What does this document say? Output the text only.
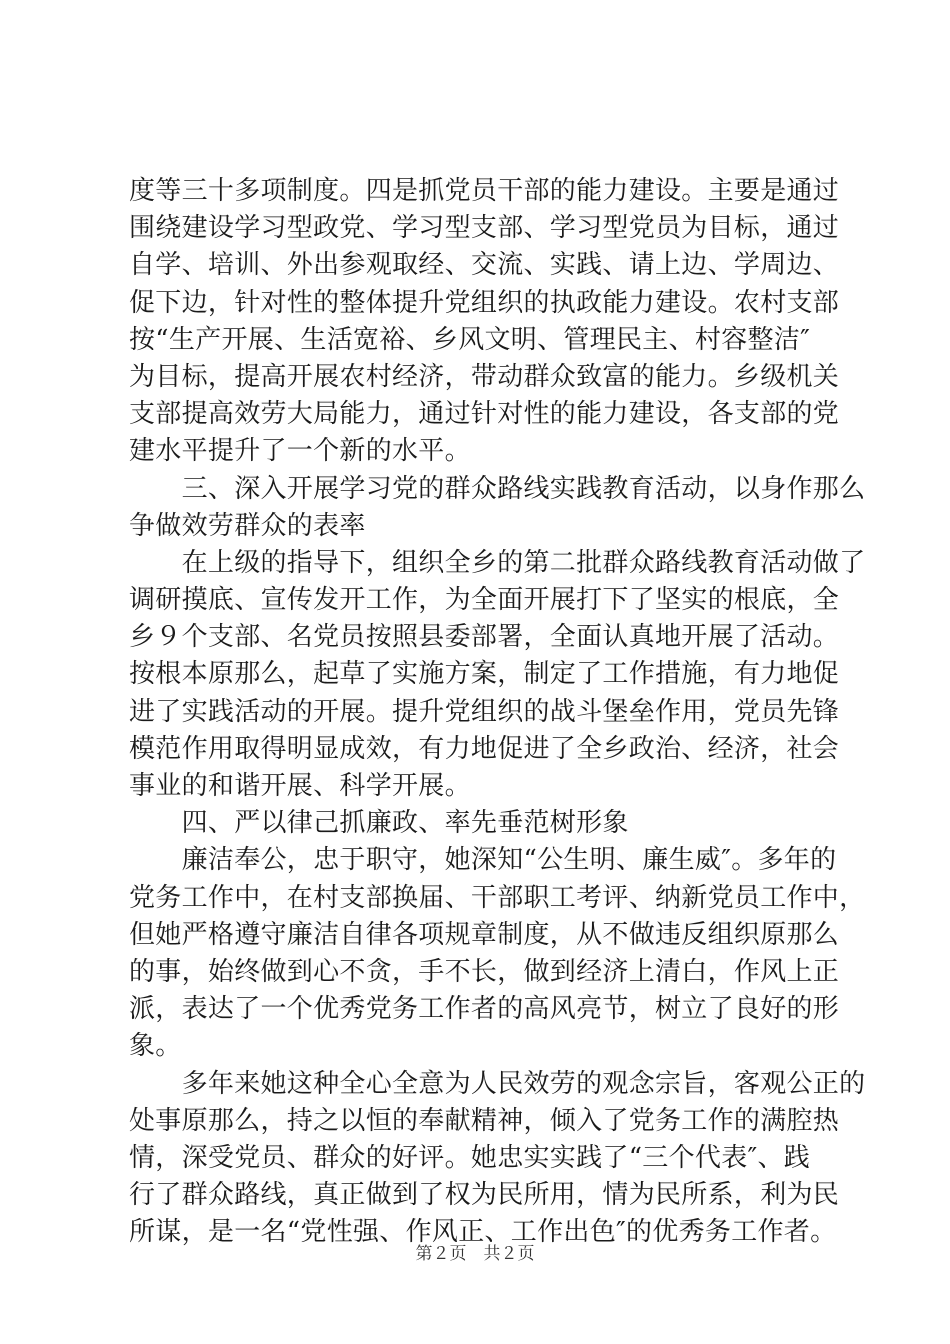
度等三十多项制度。四是抓党员干部的能力建设。主要是通过
围绕建设学习型政党、学习型支部、学习型党员为目标，通过
自学、培训、外出参观取经、交流、实践、请上边、学周边、
促下边，针对性的整体提升党组织的执政能力建设。农村支部
按“生产开展、生活宽裕、乡风文明、管理民主、村容整洁″
为目标，提高开展农村经济，带动群众致富的能力。乡级机关
支部提高效劳大局能力，通过针对性的能力建设，各支部的党
建水平提升了一个新的水平。
　　三、深入开展学习党的群众路线实践教育活动，以身作那么
争做效劳群众的表率
　　在上级的指导下，组织全乡的第二批群众路线教育活动做了
调研摸底、宣传发开工作，为全面开展打下了坚实的根底，全
乡９个支部、名党员按照县委部署，全面认真地开展了活动。
按根本原那么，起草了实施方案，制定了工作措施，有力地促
进了实践活动的开展。提升党组织的战斗堡垒作用，党员先锋
模范作用取得明显成效，有力地促进了全乡政治、经济，社会
事业的和谐开展、科学开展。
　　四、严以律己抓廉政、率先垂范树形象
　　廉洁奉公，忠于职守，她深知“公生明、廉生威″。多年的
党务工作中，在村支部换届、干部职工考评、纳新党员工作中，
但她严格遵守廉洁自律各项规章制度，从不做违反组织原那么
的事，始终做到心不贪，手不长，做到经济上清白，作风上正
派，表达了一个优秀党务工作者的高风亮节，树立了良好的形
象。
　　多年来她这种全心全意为人民效劳的观念宗旨，客观公正的
处事原那么，持之以恒的奉献精神，倾入了党务工作的满腔热
情，深受党员、群众的好评。她忠实实践了“三个代表″、践
行了群众路线，真正做到了权为民所用，情为民所系，利为民
所谋，是一名“党性强、作风正、工作出色″的优秀务工作者。
第２页　共２页
